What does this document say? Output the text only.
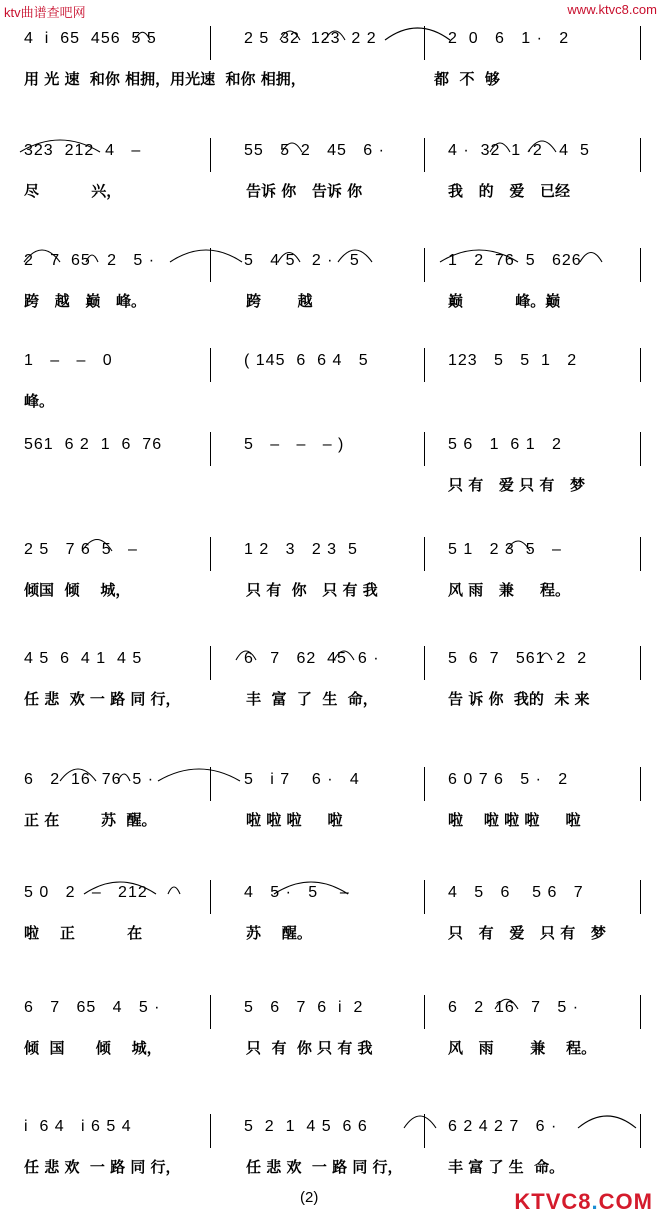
ktv曲谱查吧网	www.ktvc8.com
4  i  65  456  5 5	2 5  32  123  2 2	2  0   6   1 ·   2
用 光 速  和你 相拥，用光速  和你 相拥，	都  不  够
323  212  4   –	55   5  2   45   6 ·	4 ·  32  1 ·2   4  5
尽          兴，	告诉 你   告诉 你	我   的   爱   已经
2   7  65   2   5 ·	5   4 5   2 ·   5	1   2  76  5   626
跨   越   巅   峰。	跨       越	巅          峰。巅
1   –   –   0	( 145  6  6 4   5	123   5   5  1   2
峰。
561  6 2  1  6  76	5   –   –   – )	5 6   1  6 1   2
只 有   爱 只 有   梦
2 5   7 6  5   –	1 2   3   2 3  5	5 1   2 3  5   –
倾国  倾    城，	只 有  你   只 有 我	风 雨   兼     程。
4 5  6  4 1  4 5	6   7   62  45  6 ·	5  6  7   561  2  2
任 悲  欢 一 路 同 行，	丰  富  了  生  命，	告 诉 你  我的  未 来
6   2  16  76  5 ·	5   i 7    6 ·   4	6 0 7 6   5 ·   2
正 在        苏  醒。	啦 啦 啦     啦	啦    啦 啦 啦     啦
5 0   2   –   212	4   5 ·   5    –	4   5   6    5 6   7
啦    正          在	苏    醒。	只   有   爱   只 有   梦
6   7   65   4   5 ·	5   6   7  6  i  2	6   2  16   7   5 ·
倾  国      倾    城，	只  有  你 只 有 我	风   雨       兼    程。
i  6 4   i 6 5 4	5  2  1  4 5  6 6	6 2 4 2 7   6 ·
任 悲 欢  一 路 同 行，	任 悲 欢  一 路 同 行，	丰 富 了 生  命。
(2)	KTVC8.COM
